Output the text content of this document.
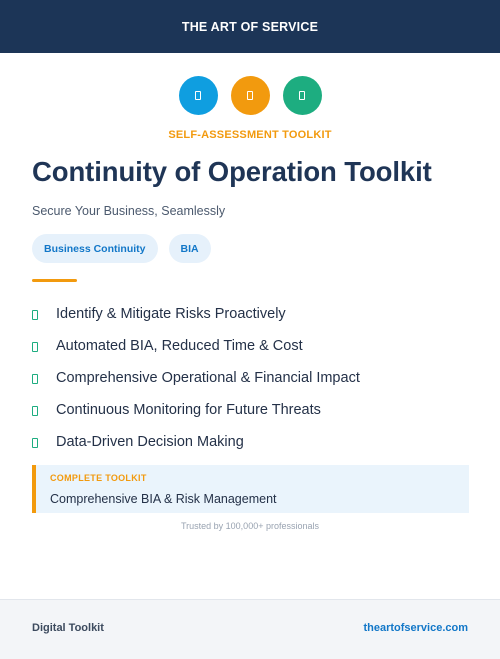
THE ART OF SERVICE
SELF-ASSESSMENT TOOLKIT
Continuity of Operation Toolkit
Secure Your Business, Seamlessly
Business Continuity	BIA
Identify & Mitigate Risks Proactively
Automated BIA, Reduced Time & Cost
Comprehensive Operational & Financial Impact
Continuous Monitoring for Future Threats
Data-Driven Decision Making
COMPLETE TOOLKIT
Comprehensive BIA & Risk Management
Trusted by 100,000+ professionals
Digital Toolkit	theartofservice.com
